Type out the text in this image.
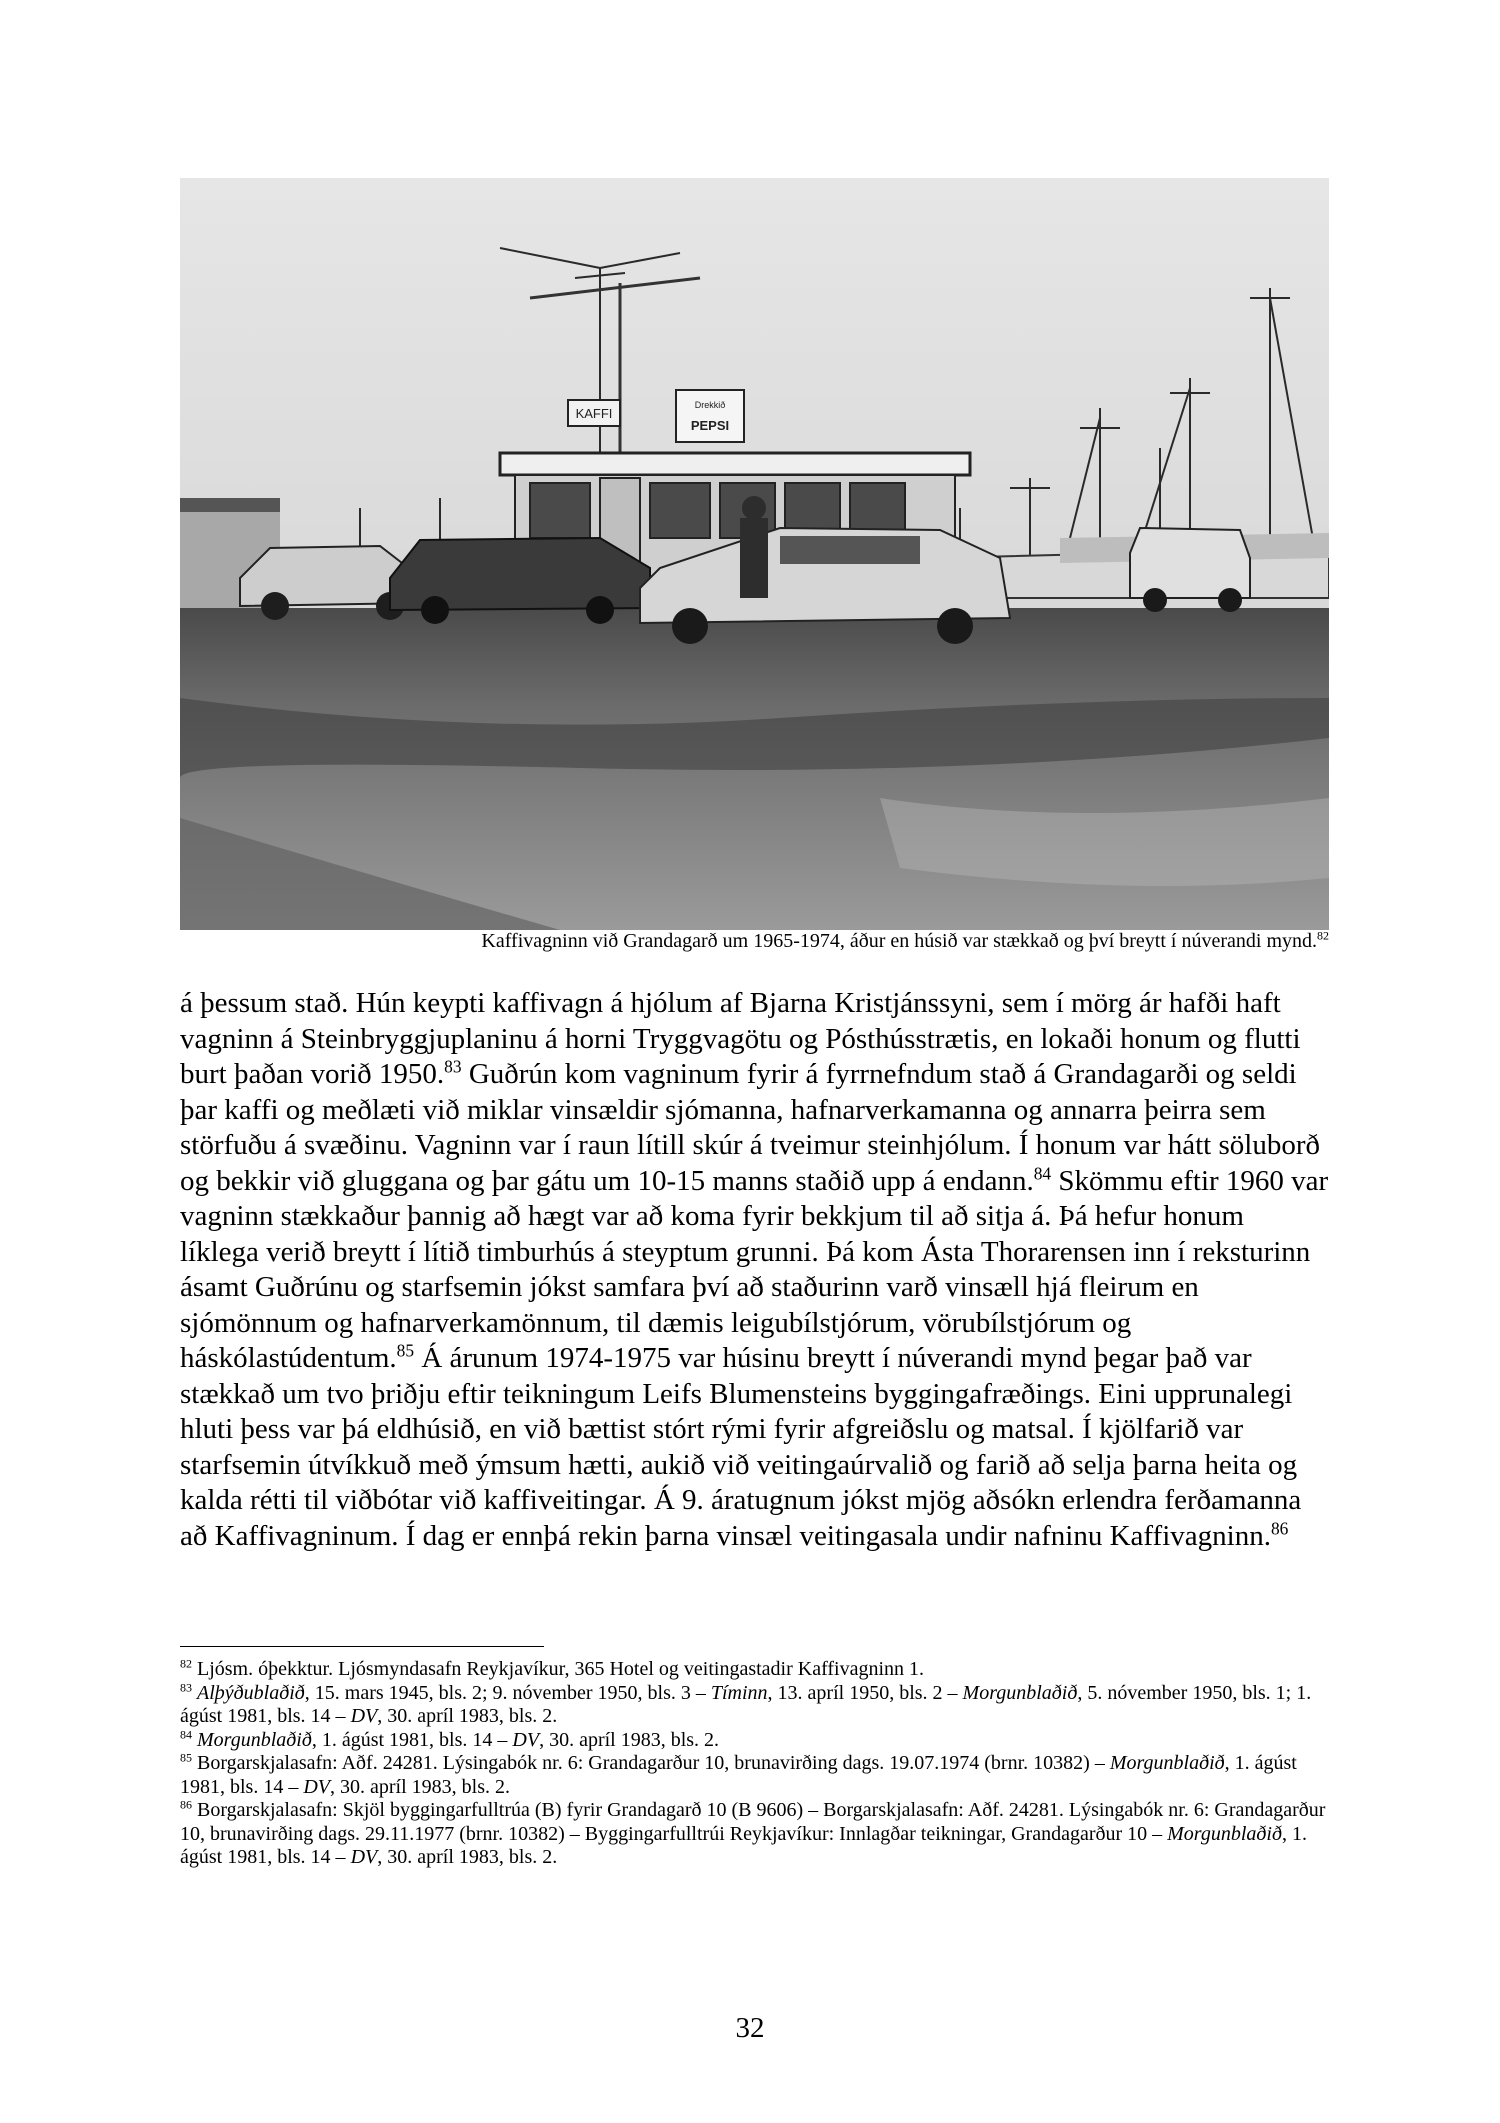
KAFFI
Drekkið
PEPSI
Kaffivagninn við Grandagarð um 1965-1974, áður en húsið var stækkað og því breytt í núverandi mynd.$^{82}$
á þessum stað. Hún keypti kaffivagn á hjólum af Bjarna Kristjánssyni, sem í mörg ár hafði haft vagninn á Steinbryggjuplaninu á horni Tryggvagötu og Pósthússtrætis, en lokaði honum og flutti burt þaðan vorið 1950.83 Guðrún kom vagninum fyrir á fyrrnefndum stað á Grandagarði og seldi þar kaffi og meðlæti við miklar vinsældir sjómanna, hafnarverkamanna og annarra þeirra sem störfuðu á svæðinu. Vagninn var í raun lítill skúr á tveimur steinhjólum. Í honum var hátt söluborð og bekkir við gluggana og þar gátu um 10-15 manns staðið upp á endann.$^{84}$ Skömmu eftir 1960 var vagninn stækkaður þannig að hægt var að koma fyrir bekkjum til að sitja á. Þá hefur honum líklega verið breytt í lítið timburhús á steyptum grunni. Þá kom Ásta Thorarensen inn í reksturinn ásamt Guðrúnu og starfsemin jókst samfara því að staðurinn varð vinsæll hjá fleirum en sjómönnum og hafnarverkamönnum, til dæmis leigubílstjórum, vörubílstjórum og háskólastúdentum.$^{85}$ Á árunum 1974-1975 var húsinu breytt í núverandi mynd þegar það var stækkað um tvo þriðju eftir teikningum Leifs Blumensteins byggingafræðings. Eini upprunalegi hluti þess var þá eldhúsið, en við bættist stórt rými fyrir afgreiðslu og matsal. Í kjölfarið var starfsemin útvíkkuð með ýmsum hætti, aukið við veitingaúrvalið og farið að selja þarna heita og kalda rétti til viðbótar við kaffiveitingar. Á 9. áratugnum jókst mjög aðsókn erlendra ferðamanna að Kaffivagninum. Í dag er ennþá rekin þarna vinsæl veitingasala undir nafninu Kaffivagninn.$^{86}$

$^{82}$ Ljósm. óþekktur. Ljósmyndasafn Reykjavíkur, 365 Hotel og veitingastadir Kaffivagninn 1.

$^{83}$ Alþýðublaðið, 15. mars 1945, bls. 2; 9. nóvember 1950, bls. 3 – Tíminn, 13. apríl 1950, bls. 2 – Morgunblaðið, 5. nóvember 1950, bls. 1; 1. ágúst 1981, bls. 14 – DV, 30. apríl 1983, bls. 2.

$^{84}$ Morgunblaðið, 1. ágúst 1981, bls. 14 – DV, 30. apríl 1983, bls. 2.

$^{85}$ Borgarskjalasafn: Aðf. 24281. Lýsingabók nr. 6: Grandagarður 10, brunavirðing dags. 19.07.1974 (brnr. 10382) – Morgunblaðið, 1. ágúst 1981, bls. 14 – DV, 30. apríl 1983, bls. 2.

$^{86}$ Borgarskjalasafn: Skjöl byggingarfulltrúa (B) fyrir Grandagarð 10 (B 9606) – Borgarskjalasafn: Aðf. 24281. Lýsingabók nr. 6: Grandagarður 10, brunavirðing dags. 29.11.1977 (brnr. 10382) – Byggingarfulltrúi Reykjavíkur: Innlagðar teikningar, Grandagarður 10 – Morgunblaðið, 1. ágúst 1981, bls. 14 – DV, 30. apríl 1983, bls. 2.

32
